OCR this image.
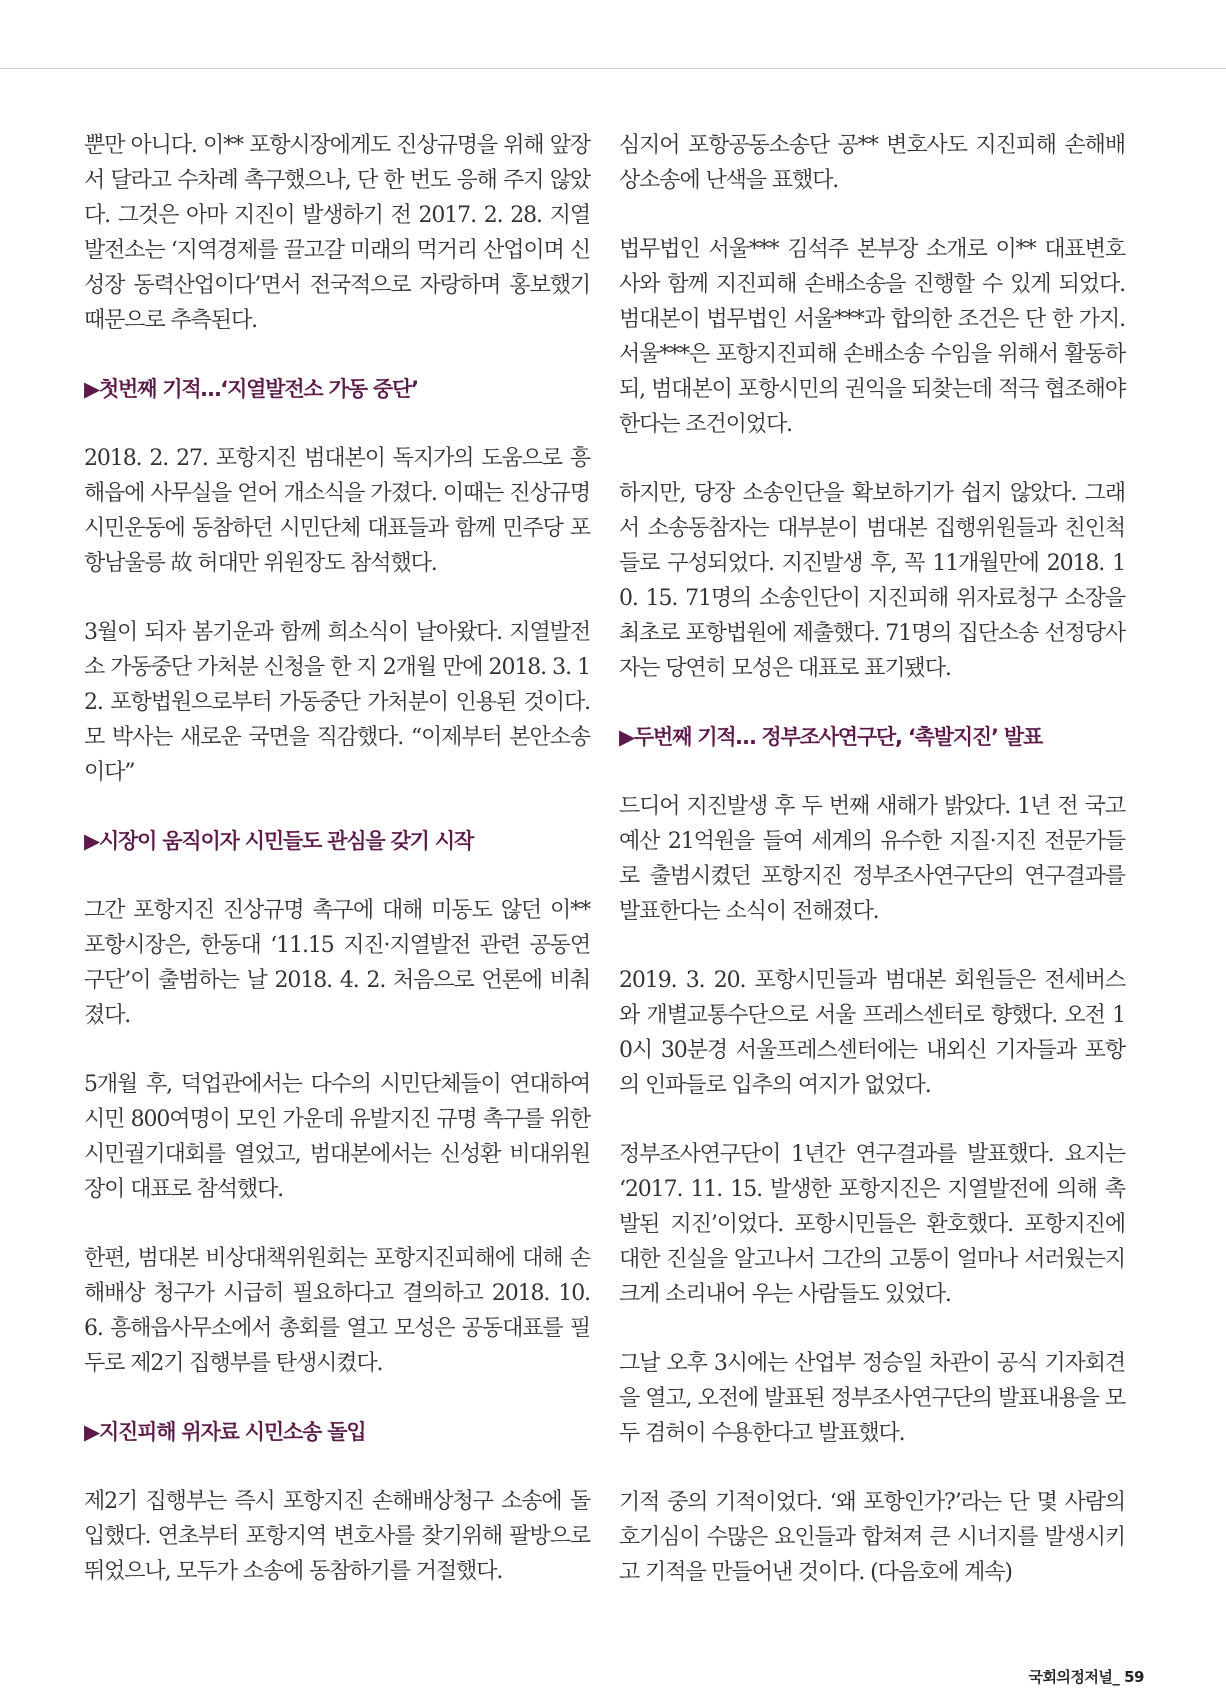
뿐만 아니다. 이** 포항시장에게도 진상규명을 위해 앞장서 달라고 수차례 촉구했으나, 단 한 번도 응해 주지 않았다. 그것은 아마 지진이 발생하기 전 2017. 2. 28. 지열발전소는 ‘지역경제를 끌고갈 미래의 먹거리 산업이며 신성장 동력산업이다’면서 전국적으로 자랑하며 홍보했기 때문으로 추측된다.

▶첫번째 기적…‘지열발전소 가동 중단’

2018. 2. 27. 포항지진 범대본이 독지가의 도움으로 흥해읍에 사무실을 얻어 개소식을 가졌다. 이때는 진상규명 시민운동에 동참하던 시민단체 대표들과 함께 민주당 포항남울릉 故 허대만 위원장도 참석했다.

3월이 되자 봄기운과 함께 희소식이 날아왔다. 지열발전소 가동중단 가처분 신청을 한 지 2개월 만에 2018. 3. 12. 포항법원으로부터 가동중단 가처분이 인용된 것이다. 모 박사는 새로운 국면을 직감했다. “이제부터 본안소송이다”

▶시장이 움직이자 시민들도 관심을 갖기 시작

그간 포항지진 진상규명 촉구에 대해 미동도 않던 이** 포항시장은, 한동대 ‘11.15 지진·지열발전 관련 공동연구단’이 출범하는 날 2018. 4. 2. 처음으로 언론에 비춰졌다.

5개월 후, 덕업관에서는 다수의 시민단체들이 연대하여 시민 800여명이 모인 가운데 유발지진 규명 촉구를 위한 시민궐기대회를 열었고, 범대본에서는 신성환 비대위원장이 대표로 참석했다.

한편, 범대본 비상대책위원회는 포항지진피해에 대해 손해배상 청구가 시급히 필요하다고 결의하고 2018. 10. 6. 흥해읍사무소에서 총회를 열고 모성은 공동대표를 필두로 제2기 집행부를 탄생시켰다.

▶지진피해 위자료 시민소송 돌입

제2기 집행부는 즉시 포항지진 손해배상청구 소송에 돌입했다. 연초부터 포항지역 변호사를 찾기위해 팔방으로 뛰었으나, 모두가 소송에 동참하기를 거절했다.

심지어 포항공동소송단 공** 변호사도 지진피해 손해배상소송에 난색을 표했다.

법무법인 서울*** 김석주 본부장 소개로 이** 대표변호사와 함께 지진피해 손배소송을 진행할 수 있게 되었다. 범대본이 법무법인 서울***과 합의한 조건은 단 한 가지. 서울***은 포항지진피해 손배소송 수임을 위해서 활동하되, 범대본이 포항시민의 권익을 되찾는데 적극 협조해야 한다는 조건이었다.

하지만, 당장 소송인단을 확보하기가 쉽지 않았다. 그래서 소송동참자는 대부분이 범대본 집행위원들과 친인척들로 구성되었다. 지진발생 후, 꼭 11개월만에 2018. 10. 15. 71명의 소송인단이 지진피해 위자료청구 소장을 최초로 포항법원에 제출했다. 71명의 집단소송 선정당사자는 당연히 모성은 대표로 표기됐다.

▶두번째 기적… 정부조사연구단, ‘촉발지진’ 발표

드디어 지진발생 후 두 번째 새해가 밝았다. 1년 전 국고예산 21억원을 들여 세계의 유수한 지질·지진 전문가들로 출범시켰던 포항지진 정부조사연구단의 연구결과를 발표한다는 소식이 전해졌다.

2019. 3. 20. 포항시민들과 범대본 회원들은 전세버스와 개별교통수단으로 서울 프레스센터로 향했다. 오전 10시 30분경 서울프레스센터에는 내외신 기자들과 포항의 인파들로 입추의 여지가 없었다.

정부조사연구단이 1년간 연구결과를 발표했다. 요지는 ‘2017. 11. 15. 발생한 포항지진은 지열발전에 의해 촉발된 지진’이었다. 포항시민들은 환호했다. 포항지진에 대한 진실을 알고나서 그간의 고통이 얼마나 서러웠는지 크게 소리내어 우는 사람들도 있었다.

그날 오후 3시에는 산업부 정승일 차관이 공식 기자회견을 열고, 오전에 발표된 정부조사연구단의 발표내용을 모두 겸허이 수용한다고 발표했다.

기적 중의 기적이었다. ‘왜 포항인가?’라는 단 몇 사람의 호기심이 수많은 요인들과 합쳐져 큰 시너지를 발생시키고 기적을 만들어낸 것이다. (다음호에 계속)

국회의정저널_ 59
